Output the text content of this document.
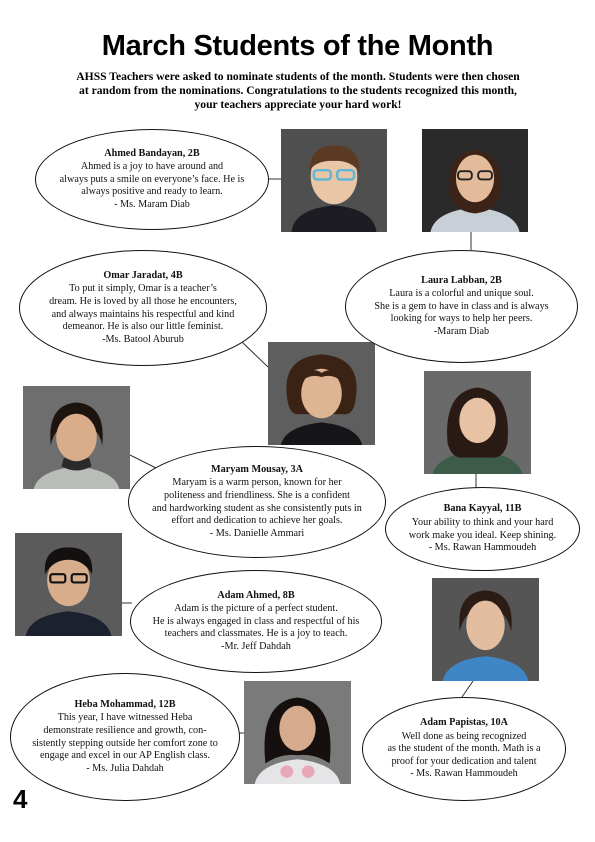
March Students of the Month
AHSS Teachers were asked to nominate students of the month. Students were then chosen
at random from the nominations. Congratulations to the students recognized this month,
your teachers appreciate your hard work!
Ahmed Bandayan, 2B
Ahmed is a joy to have around and
always puts a smile on everyone’s face. He is
always positive and ready to learn.
- Ms. Maram Diab
Laura Labban, 2B
Laura is a colorful and unique soul.
She is a gem to have in class and is always
looking for ways to help her peers.
-Maram Diab
Omar Jaradat, 4B
To put it simply, Omar is a teacher’s
dream. He is loved by all those he encounters,
and always maintains his respectful and kind
demeanor. He is also our little feminist.
-Ms. Batool Aburub
Maryam Mousay, 3A
Maryam is a warm person, known for her
politeness and friendliness. She is a confident
and hardworking student as she consistently puts in
effort and dedication to achieve her goals.
- Ms. Danielle Ammari
Bana Kayyal, 11B
Your ability to think and your hard
work make you ideal. Keep shining.
- Ms. Rawan Hammoudeh
Adam Ahmed, 8B
Adam is the picture of a perfect student.
He is always engaged in class and respectful of his
teachers and classmates. He is a joy to teach.
-Mr. Jeff Dahdah
Heba Mohammad, 12B
This year, I have witnessed Heba
demonstrate resilience and growth, con-
sistently stepping outside her comfort zone to
engage and excel in our AP English class.
- Ms. Julia Dahdah
Adam Papistas, 10A
Well done as being recognized
as the student of the month. Math is a
proof for your dedication and talent
- Ms. Rawan Hammoudeh
4
